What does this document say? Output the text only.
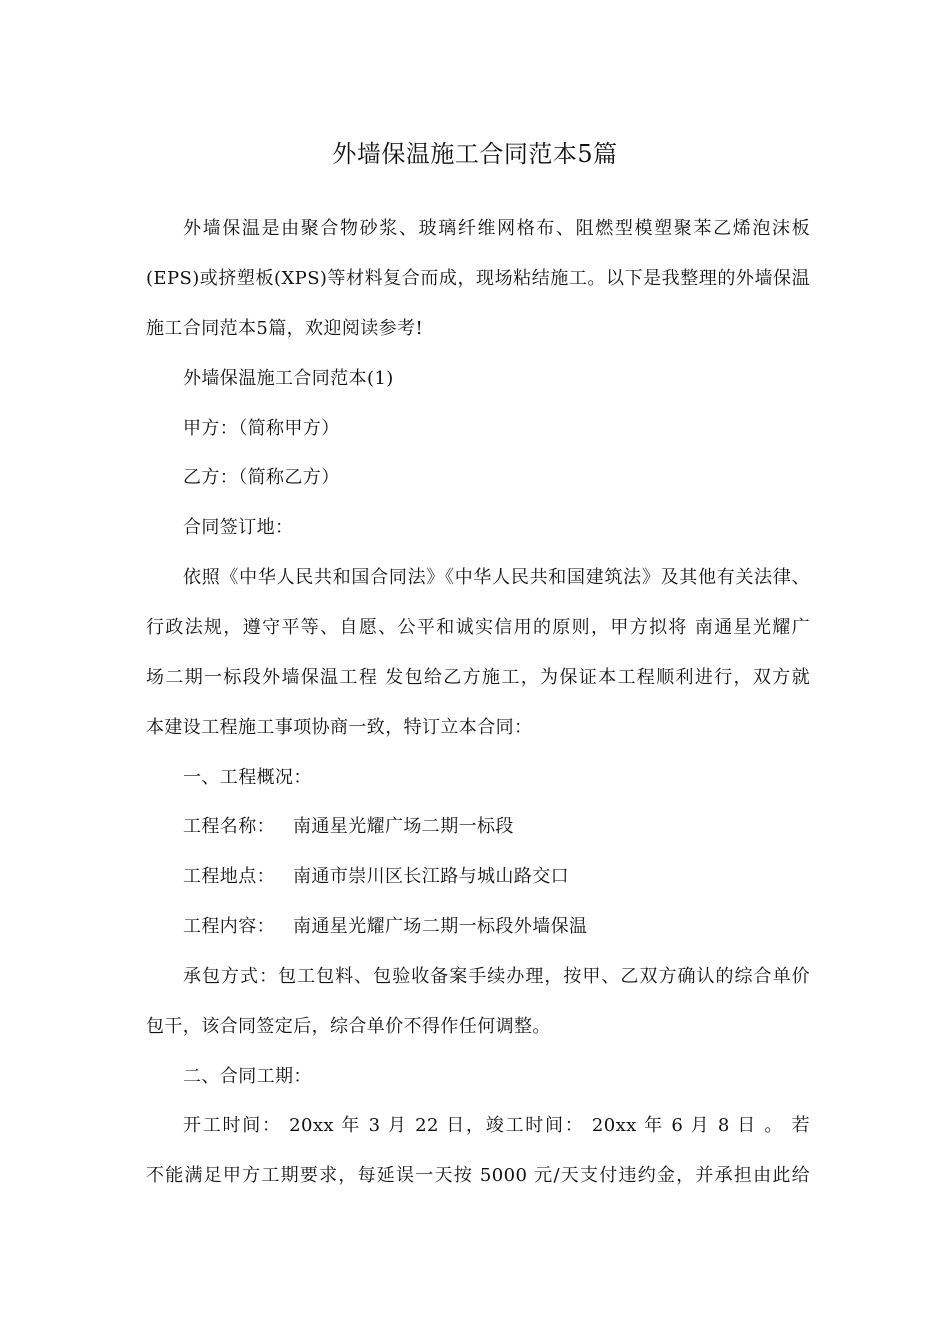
外墙保温施工合同范本5篇
外墙保温是由聚合物砂浆、玻璃纤维网格布、阻燃型模塑聚苯乙烯泡沫板
(EPS)或挤塑板(XPS)等材料复合而成，现场粘结施工。以下是我整理的外墙保温
施工合同范本5篇，欢迎阅读参考!
外墙保温施工合同范本(1)
甲方：（简称甲方）
乙方：（简称乙方）
合同签订地：
依照《中华人民共和国合同法》《中华人民共和国建筑法》及其他有关法律、
行政法规，遵守平等、自愿、公平和诚实信用的原则，甲方拟将 南通星光耀广
场二期一标段外墙保温工程 发包给乙方施工，为保证本工程顺利进行，双方就
本建设工程施工事项协商一致，特订立本合同：
一、工程概况：
工程名称： 南通星光耀广场二期一标段
工程地点： 南通市崇川区长江路与城山路交口
工程内容： 南通星光耀广场二期一标段外墙保温
承包方式：包工包料、包验收备案手续办理，按甲、乙双方确认的综合单价
包干，该合同签定后，综合单价不得作任何调整。
二、合同工期：
开工时间： 20xx 年 3 月 22 日，竣工时间： 20xx 年 6 月 8 日 。 若
不能满足甲方工期要求，每延误一天按 5000 元/天支付违约金，并承担由此给
